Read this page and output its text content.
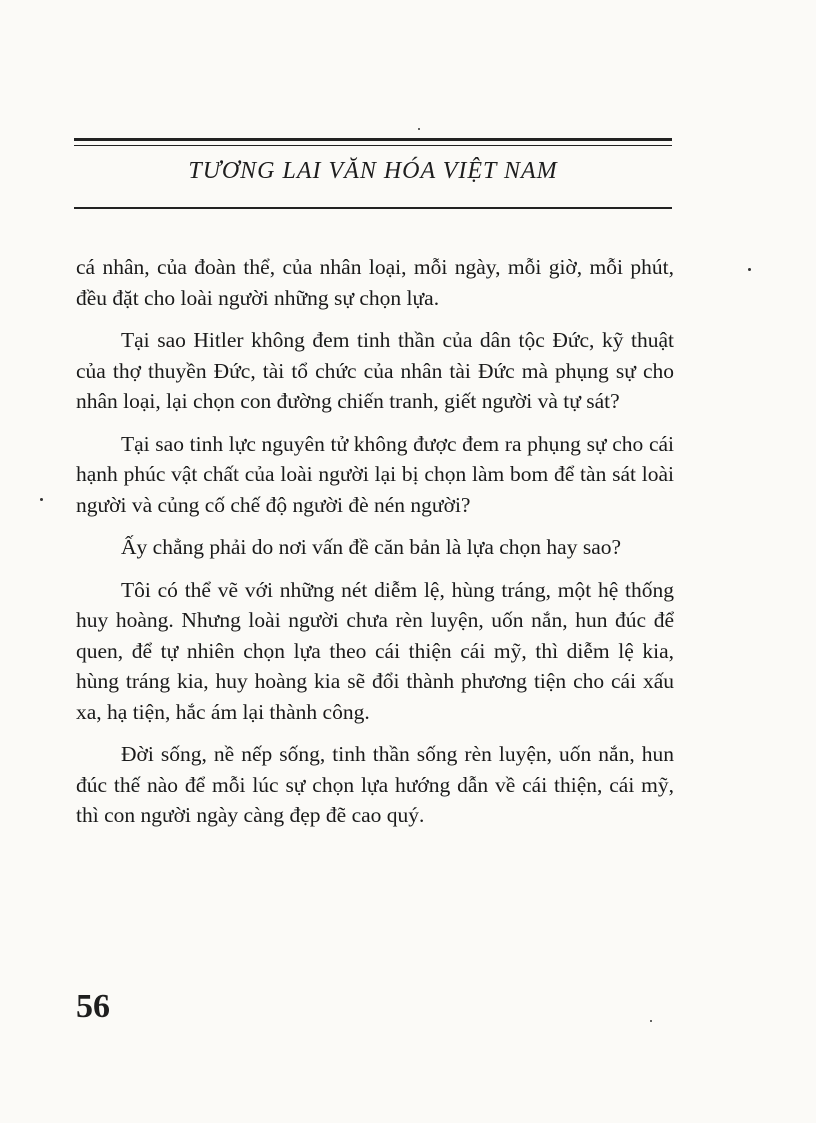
TƯƠNG LAI VĂN HÓA VIỆT NAM

cá nhân, của đoàn thể, của nhân loại, mỗi ngày, mỗi giờ, mỗi phút, đều đặt cho loài người những sự chọn lựa.

Tại sao Hitler không đem tinh thần của dân tộc Đức, kỹ thuật của thợ thuyền Đức, tài tổ chức của nhân tài Đức mà phụng sự cho nhân loại, lại chọn con đường chiến tranh, giết người và tự sát?

Tại sao tinh lực nguyên tử không được đem ra phụng sự cho cái hạnh phúc vật chất của loài người lại bị chọn làm bom để tàn sát loài người và củng cố chế độ người đè nén người?

Ấy chẳng phải do nơi vấn đề căn bản là lựa chọn hay sao?

Tôi có thể vẽ với những nét diễm lệ, hùng tráng, một hệ thống huy hoàng. Nhưng loài người chưa rèn luyện, uốn nắn, hun đúc để quen, để tự nhiên chọn lựa theo cái thiện cái mỹ, thì diễm lệ kia, hùng tráng kia, huy hoàng kia sẽ đổi thành phương tiện cho cái xấu xa, hạ tiện, hắc ám lại thành công.

Đời sống, nề nếp sống, tinh thần sống rèn luyện, uốn nắn, hun đúc thế nào để mỗi lúc sự chọn lựa hướng dẫn về cái thiện, cái mỹ, thì con người ngày càng đẹp đẽ cao quý.

56
